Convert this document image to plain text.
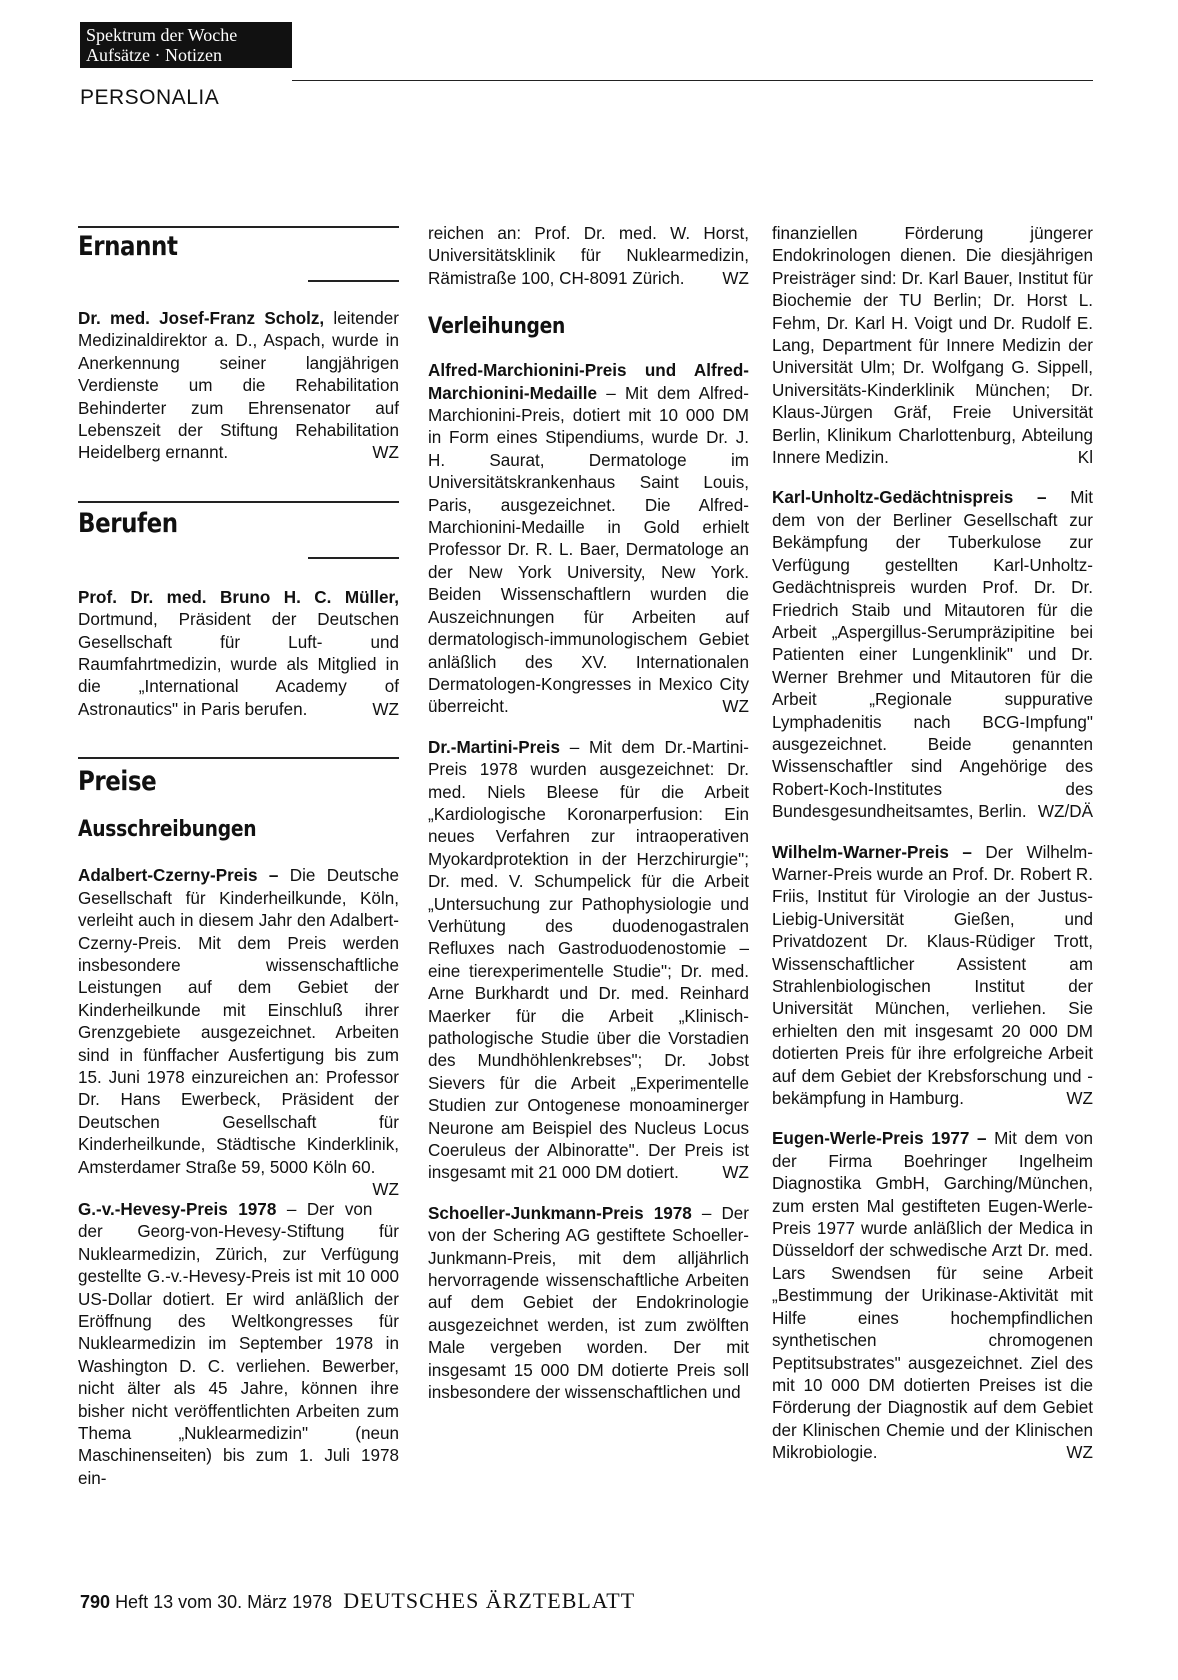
Spektrum der Woche
Aufsätze · Notizen
PERSONALIA
Ernannt

Dr. med. Josef-Franz Scholz, leitender Medizinaldirektor a. D., Aspach, wurde in Anerkennung seiner langjährigen Verdienste um die Rehabilitation Behinderter zum Ehrensenator auf Lebenszeit der Stiftung Rehabilitation Heidelberg ernannt.	WZ

Berufen

Prof. Dr. med. Bruno H. C. Müller, Dortmund, Präsident der Deutschen Gesellschaft für Luft- und Raumfahrtmedizin, wurde als Mitglied in die „International Academy of Astronautics" in Paris berufen.	WZ

Preise
Ausschreibungen

Adalbert-Czerny-Preis – Die Deutsche Gesellschaft für Kinderheilkunde, Köln, verleiht auch in diesem Jahr den Adalbert-Czerny-Preis. Mit dem Preis werden insbesondere wissenschaftliche Leistungen auf dem Gebiet der Kinderheilkunde mit Einschluß ihrer Grenzgebiete ausgezeichnet. Arbeiten sind in fünffacher Ausfertigung bis zum 15. Juni 1978 einzureichen an: Professor Dr. Hans Ewerbeck, Präsident der Deutschen Gesellschaft für Kinderheilkunde, Städtische Kinderklinik, Amsterdamer Straße 59, 5000 Köln 60.
WZ

G.-v.-Hevesy-Preis 1978 – Der von der Georg-von-Hevesy-Stiftung für Nuklearmedizin, Zürich, zur Verfügung gestellte G.-v.-Hevesy-Preis ist mit 10 000 US-Dollar dotiert. Er wird anläßlich der Eröffnung des Weltkongresses für Nuklearmedizin im September 1978 in Washington D. C. verliehen. Bewerber, nicht älter als 45 Jahre, können ihre bisher nicht veröffentlichten Arbeiten zum Thema „Nuklearmedizin" (neun Maschinenseiten) bis zum 1. Juli 1978 ein-

reichen an: Prof. Dr. med. W. Horst, Universitätsklinik für Nuklearmedizin, Rämistraße 100, CH-8091 Zürich. WZ

Verleihungen

Alfred-Marchionini-Preis und Alfred-Marchionini-Medaille – Mit dem Alfred-Marchionini-Preis, dotiert mit 10 000 DM in Form eines Stipendiums, wurde Dr. J. H. Saurat, Dermatologe im Universitätskrankenhaus Saint Louis, Paris, ausgezeichnet. Die Alfred-Marchionini-Medaille in Gold erhielt Professor Dr. R. L. Baer, Dermatologe an der New York University, New York. Beiden Wissenschaftlern wurden die Auszeichnungen für Arbeiten auf dermatologisch-immunologischem Gebiet anläßlich des XV. Internationalen Dermatologen-Kongresses in Mexico City überreicht.	WZ

Dr.-Martini-Preis – Mit dem Dr.-Martini-Preis 1978 wurden ausgezeichnet: Dr. med. Niels Bleese für die Arbeit „Kardiologische Koronarperfusion: Ein neues Verfahren zur intraoperativen Myokardprotektion in der Herzchirurgie"; Dr. med. V. Schumpelick für die Arbeit „Untersuchung zur Pathophysiologie und Verhütung des duodenogastralen Refluxes nach Gastroduodenostomie – eine tierexperimentelle Studie"; Dr. med. Arne Burkhardt und Dr. med. Reinhard Maerker für die Arbeit „Klinisch-pathologische Studie über die Vorstadien des Mundhöhlenkrebses"; Dr. Jobst Sievers für die Arbeit „Experimentelle Studien zur Ontogenese monoaminerger Neurone am Beispiel des Nucleus Locus Coeruleus der Albinoratte". Der Preis ist insgesamt mit 21 000 DM dotiert.	WZ

Schoeller-Junkmann-Preis 1978 – Der von der Schering AG gestiftete Schoeller-Junkmann-Preis, mit dem alljährlich hervorragende wissenschaftliche Arbeiten auf dem Gebiet der Endokrinologie ausgezeichnet werden, ist zum zwölften Male vergeben worden. Der mit insgesamt 15 000 DM dotierte Preis soll insbesondere der wissenschaftlichen und

finanziellen Förderung jüngerer Endokrinologen dienen. Die diesjährigen Preisträger sind: Dr. Karl Bauer, Institut für Biochemie der TU Berlin; Dr. Horst L. Fehm, Dr. Karl H. Voigt und Dr. Rudolf E. Lang, Department für Innere Medizin der Universität Ulm; Dr. Wolfgang G. Sippell, Universitäts-Kinderklinik München; Dr. Klaus-Jürgen Gräf, Freie Universität Berlin, Klinikum Charlottenburg, Abteilung Innere Medizin.	Kl

Karl-Unholtz-Gedächtnispreis – Mit dem von der Berliner Gesellschaft zur Bekämpfung der Tuberkulose zur Verfügung gestellten Karl-Unholtz-Gedächtnispreis wurden Prof. Dr. Dr. Friedrich Staib und Mitautoren für die Arbeit „Aspergillus-Serumpräzipitine bei Patienten einer Lungenklinik" und Dr. Werner Brehmer und Mitautoren für die Arbeit „Regionale suppurative Lymphadenitis nach BCG-Impfung" ausgezeichnet. Beide genannten Wissenschaftler sind Angehörige des Robert-Koch-Institutes des Bundesgesundheitsamtes, Berlin. WZ/DÄ

Wilhelm-Warner-Preis – Der Wilhelm-Warner-Preis wurde an Prof. Dr. Robert R. Friis, Institut für Virologie an der Justus-Liebig-Universität Gießen, und Privatdozent Dr. Klaus-Rüdiger Trott, Wissenschaftlicher Assistent am Strahlenbiologischen Institut der Universität München, verliehen. Sie erhielten den mit insgesamt 20 000 DM dotierten Preis für ihre erfolgreiche Arbeit auf dem Gebiet der Krebsforschung und -bekämpfung in Hamburg.	WZ

Eugen-Werle-Preis 1977 – Mit dem von der Firma Boehringer Ingelheim Diagnostika GmbH, Garching/München, zum ersten Mal gestifteten Eugen-Werle-Preis 1977 wurde anläßlich der Medica in Düsseldorf der schwedische Arzt Dr. med. Lars Swendsen für seine Arbeit „Bestimmung der Urikinase-Aktivität mit Hilfe eines hochempfindlichen synthetischen chromogenen Peptitsubstrates" ausgezeichnet. Ziel des mit 10 000 DM dotierten Preises ist die Förderung der Diagnostik auf dem Gebiet der Klinischen Chemie und der Klinischen Mikrobiologie.	WZ

790 Heft 13 vom 30. März 1978 DEUTSCHES ÄRZTEBLATT
